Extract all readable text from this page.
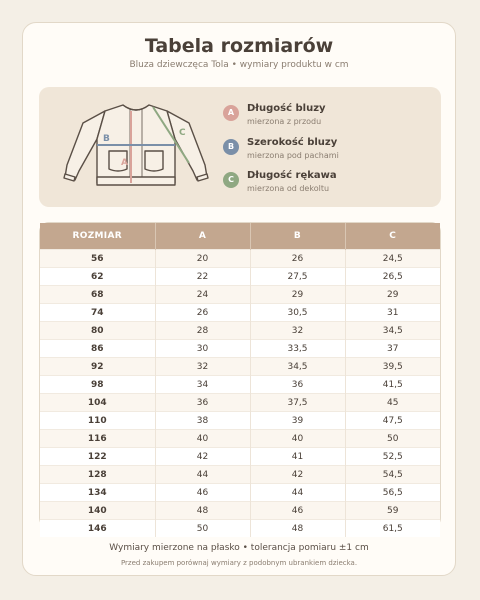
Tabela rozmiarów
Bluza dziewczęca Tola • wymiary produktu w cm
A
B
C
A	Długość bluzy
mierzona z przodu
B	Szerokość bluzy
mierzona pod pachami
C	Długość rękawa
mierzona od dekoltu
ROZMIAR	A	B	C
56	20	26	24,5
62	22	27,5	26,5
68	24	29	29
74	26	30,5	31
80	28	32	34,5
86	30	33,5	37
92	32	34,5	39,5
98	34	36	41,5
104	36	37,5	45
110	38	39	47,5
116	40	40	50
122	42	41	52,5
128	44	42	54,5
134	46	44	56,5
140	48	46	59
146	50	48	61,5
Wymiary mierzone na płasko • tolerancja pomiaru ±1 cm
Przed zakupem porównaj wymiary z podobnym ubrankiem dziecka.
